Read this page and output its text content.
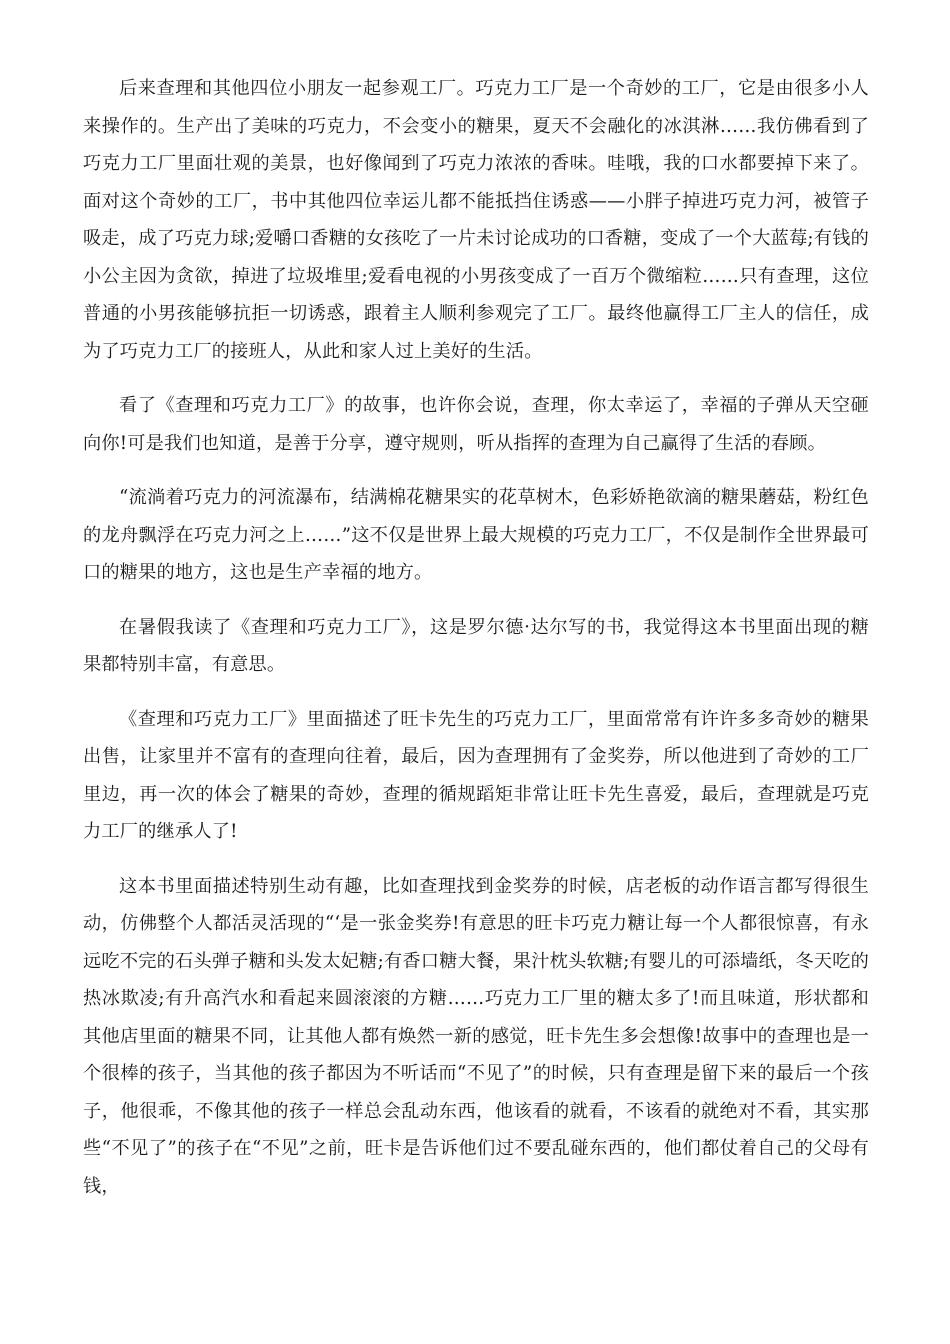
后来查理和其他四位小朋友一起参观工厂。巧克力工厂是一个奇妙的工厂，它是由很多小人来操作的。生产出了美味的巧克力，不会变小的糖果，夏天不会融化的冰淇淋……我仿佛看到了巧克力工厂里面壮观的美景，也好像闻到了巧克力浓浓的香味。哇哦，我的口水都要掉下来了。面对这个奇妙的工厂，书中其他四位幸运儿都不能抵挡住诱惑——小胖子掉进巧克力河，被管子吸走，成了巧克力球;爱嚼口香糖的女孩吃了一片未讨论成功的口香糖，变成了一个大蓝莓;有钱的小公主因为贪欲，掉进了垃圾堆里;爱看电视的小男孩变成了一百万个微缩粒……只有查理，这位普通的小男孩能够抗拒一切诱惑，跟着主人顺利参观完了工厂。最终他赢得工厂主人的信任，成为了巧克力工厂的接班人，从此和家人过上美好的生活。

看了《查理和巧克力工厂》的故事，也许你会说，查理，你太幸运了，幸福的子弹从天空砸向你!可是我们也知道，是善于分享，遵守规则，听从指挥的查理为自己赢得了生活的春顾。

“流淌着巧克力的河流瀑布，结满棉花糖果实的花草树木，色彩娇艳欲滴的糖果蘑菇，粉红色的龙舟飘浮在巧克力河之上……”这不仅是世界上最大规模的巧克力工厂，不仅是制作全世界最可口的糖果的地方，这也是生产幸福的地方。

在暑假我读了《查理和巧克力工厂》，这是罗尔德·达尔写的书，我觉得这本书里面出现的糖果都特别丰富，有意思。

《查理和巧克力工厂》里面描述了旺卡先生的巧克力工厂，里面常常有许许多多奇妙的糖果出售，让家里并不富有的查理向往着，最后，因为查理拥有了金奖券，所以他进到了奇妙的工厂里边，再一次的体会了糖果的奇妙，查理的循规蹈矩非常让旺卡先生喜爱，最后，查理就是巧克力工厂的继承人了!

这本书里面描述特别生动有趣，比如查理找到金奖券的时候，店老板的动作语言都写得很生动，仿佛整个人都活灵活现的“‘是一张金奖券!有意思的旺卡巧克力糖让每一个人都很惊喜，有永远吃不完的石头弹子糖和头发太妃糖;有香口糖大餐，果汁枕头软糖;有婴儿的可添墙纸，冬天吃的热冰欺凌;有升高汽水和看起来圆滚滚的方糖……巧克力工厂里的糖太多了!而且味道，形状都和其他店里面的糖果不同，让其他人都有焕然一新的感觉，旺卡先生多会想像!故事中的查理也是一个很棒的孩子，当其他的孩子都因为不听话而“不见了”的时候，只有查理是留下来的最后一个孩子，他很乖，不像其他的孩子一样总会乱动东西，他该看的就看，不该看的就绝对不看，其实那些“不见了”的孩子在“不见”之前，旺卡是告诉他们过不要乱碰东西的，他们都仗着自己的父母有钱，
